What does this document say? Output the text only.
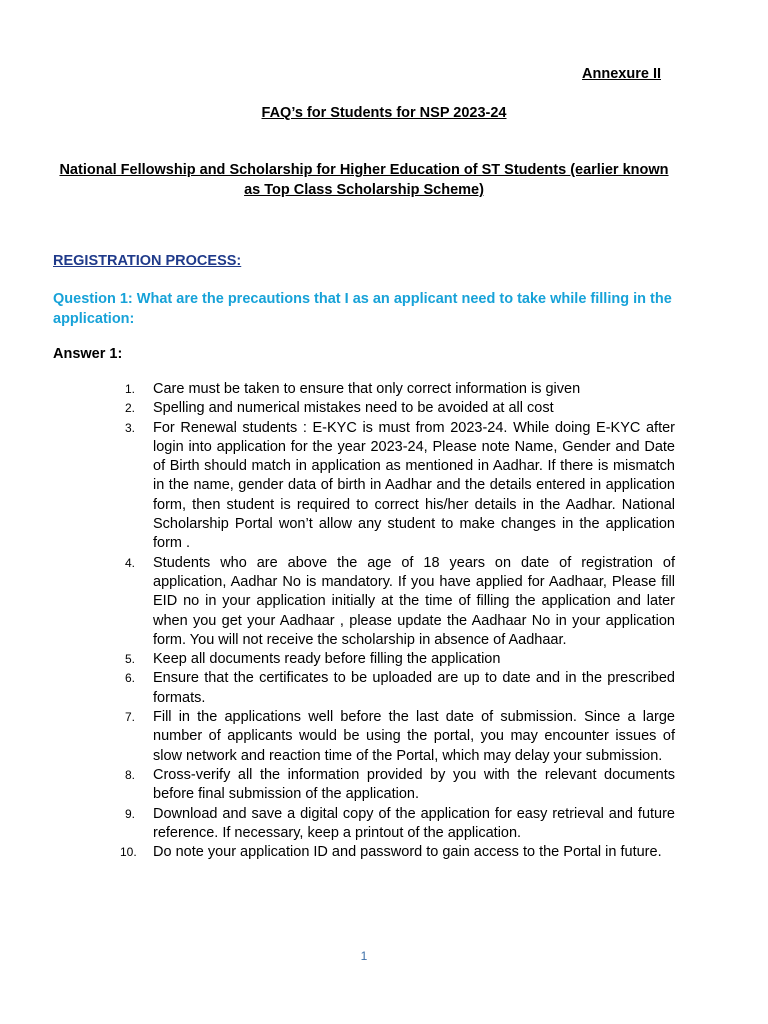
Annexure II
FAQ’s for Students for NSP 2023-24
National Fellowship and Scholarship for Higher Education of ST Students (earlier known as Top Class Scholarship Scheme)
REGISTRATION PROCESS:
Question 1: What are the precautions that I as an applicant need to take while filling in the application:
Answer 1:
1. Care must be taken to ensure that only correct information is given
2. Spelling and numerical mistakes need to be avoided at all cost
3. For Renewal students : E-KYC is must from 2023-24. While doing E-KYC after login into application for the year 2023-24, Please note Name, Gender and Date of Birth should match in application as mentioned in Aadhar. If there is mismatch in the name, gender data of birth in Aadhar and the details entered in application form, then student is required to correct his/her details in the Aadhar. National Scholarship Portal won’t allow any student to make changes in the application form .
4. Students who are above the age of 18 years on date of registration of application, Aadhar No is mandatory. If you have applied for Aadhaar, Please fill EID no in your application initially at the time of filling the application and later when you get your Aadhaar , please update the Aadhaar No in your application form. You will not receive the scholarship in absence of Aadhaar.
5. Keep all documents ready before filling the application
6. Ensure that the certificates to be uploaded are up to date and in the prescribed formats.
7. Fill in the applications well before the last date of submission. Since a large number of applicants would be using the portal, you may encounter issues of slow network and reaction time of the Portal, which may delay your submission.
8. Cross-verify all the information provided by you with the relevant documents before final submission of the application.
9. Download and save a digital copy of the application for easy retrieval and future reference. If necessary, keep a printout of the application.
10. Do note your application ID and password to gain access to the Portal in future.
1
